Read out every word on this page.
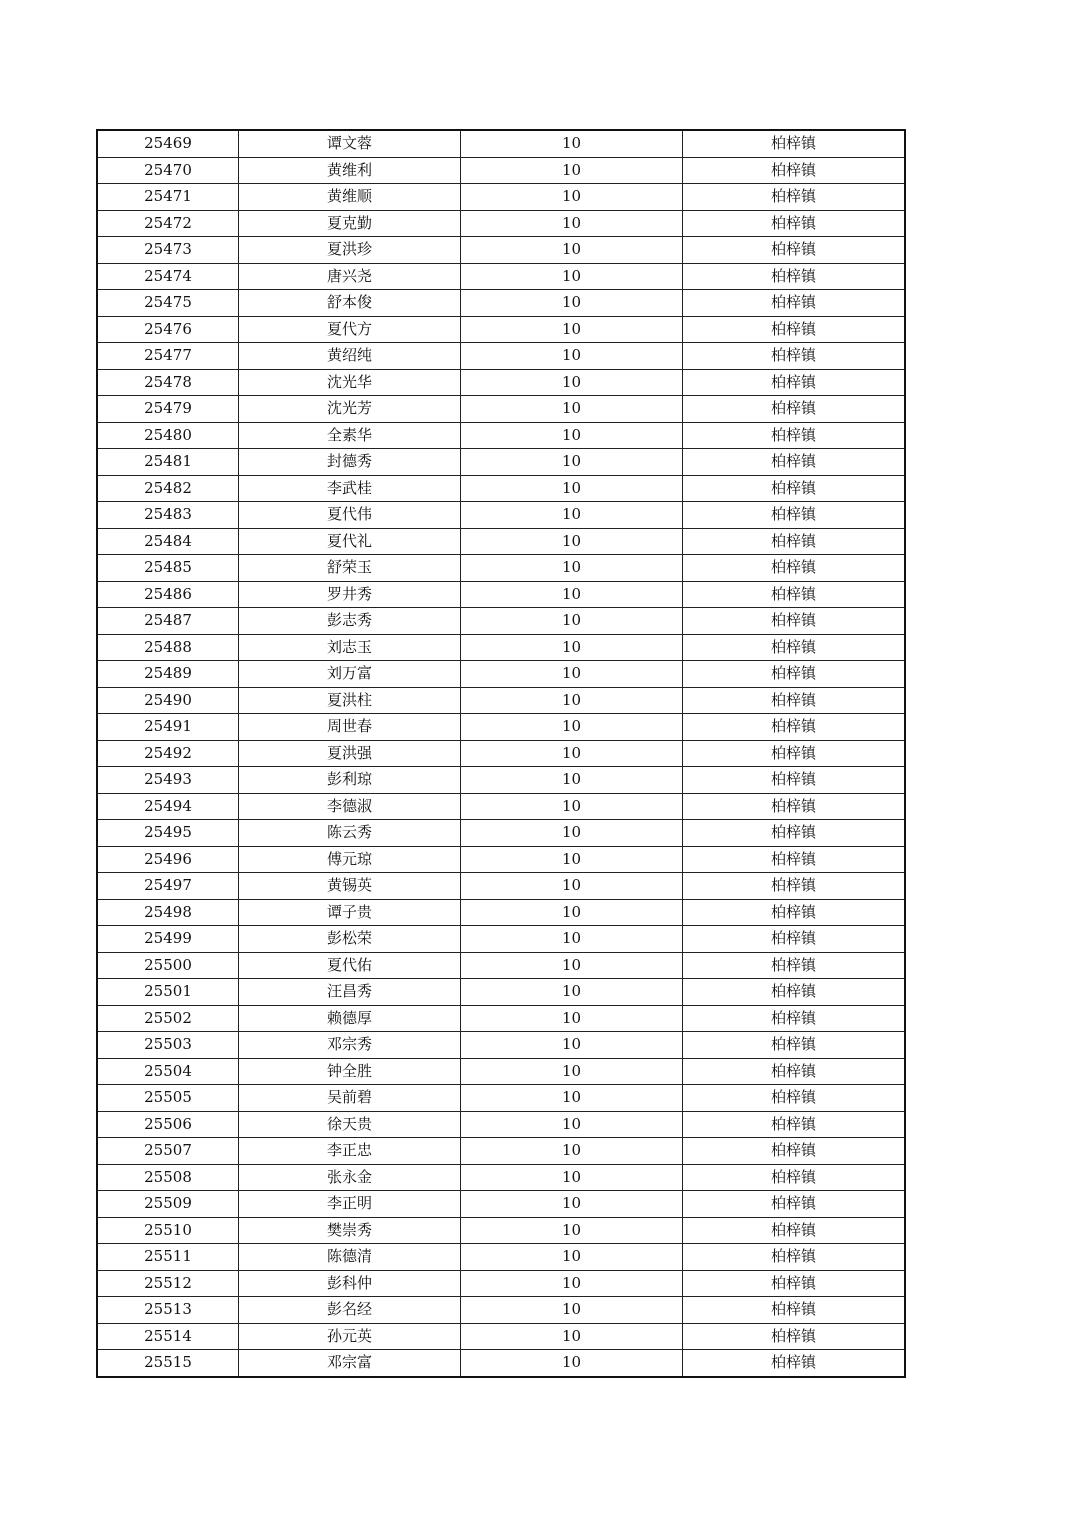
25469	谭文蓉	10	柏梓镇
25470	黄维利	10	柏梓镇
25471	黄维顺	10	柏梓镇
25472	夏克勤	10	柏梓镇
25473	夏洪珍	10	柏梓镇
25474	唐兴尧	10	柏梓镇
25475	舒本俊	10	柏梓镇
25476	夏代方	10	柏梓镇
25477	黄绍纯	10	柏梓镇
25478	沈光华	10	柏梓镇
25479	沈光芳	10	柏梓镇
25480	全素华	10	柏梓镇
25481	封德秀	10	柏梓镇
25482	李武桂	10	柏梓镇
25483	夏代伟	10	柏梓镇
25484	夏代礼	10	柏梓镇
25485	舒荣玉	10	柏梓镇
25486	罗井秀	10	柏梓镇
25487	彭志秀	10	柏梓镇
25488	刘志玉	10	柏梓镇
25489	刘万富	10	柏梓镇
25490	夏洪柱	10	柏梓镇
25491	周世春	10	柏梓镇
25492	夏洪强	10	柏梓镇
25493	彭利琼	10	柏梓镇
25494	李德淑	10	柏梓镇
25495	陈云秀	10	柏梓镇
25496	傅元琼	10	柏梓镇
25497	黄锡英	10	柏梓镇
25498	谭子贵	10	柏梓镇
25499	彭松荣	10	柏梓镇
25500	夏代佑	10	柏梓镇
25501	汪昌秀	10	柏梓镇
25502	赖德厚	10	柏梓镇
25503	邓宗秀	10	柏梓镇
25504	钟全胜	10	柏梓镇
25505	吴前碧	10	柏梓镇
25506	徐天贵	10	柏梓镇
25507	李正忠	10	柏梓镇
25508	张永金	10	柏梓镇
25509	李正明	10	柏梓镇
25510	樊崇秀	10	柏梓镇
25511	陈德清	10	柏梓镇
25512	彭科仲	10	柏梓镇
25513	彭名经	10	柏梓镇
25514	孙元英	10	柏梓镇
25515	邓宗富	10	柏梓镇
